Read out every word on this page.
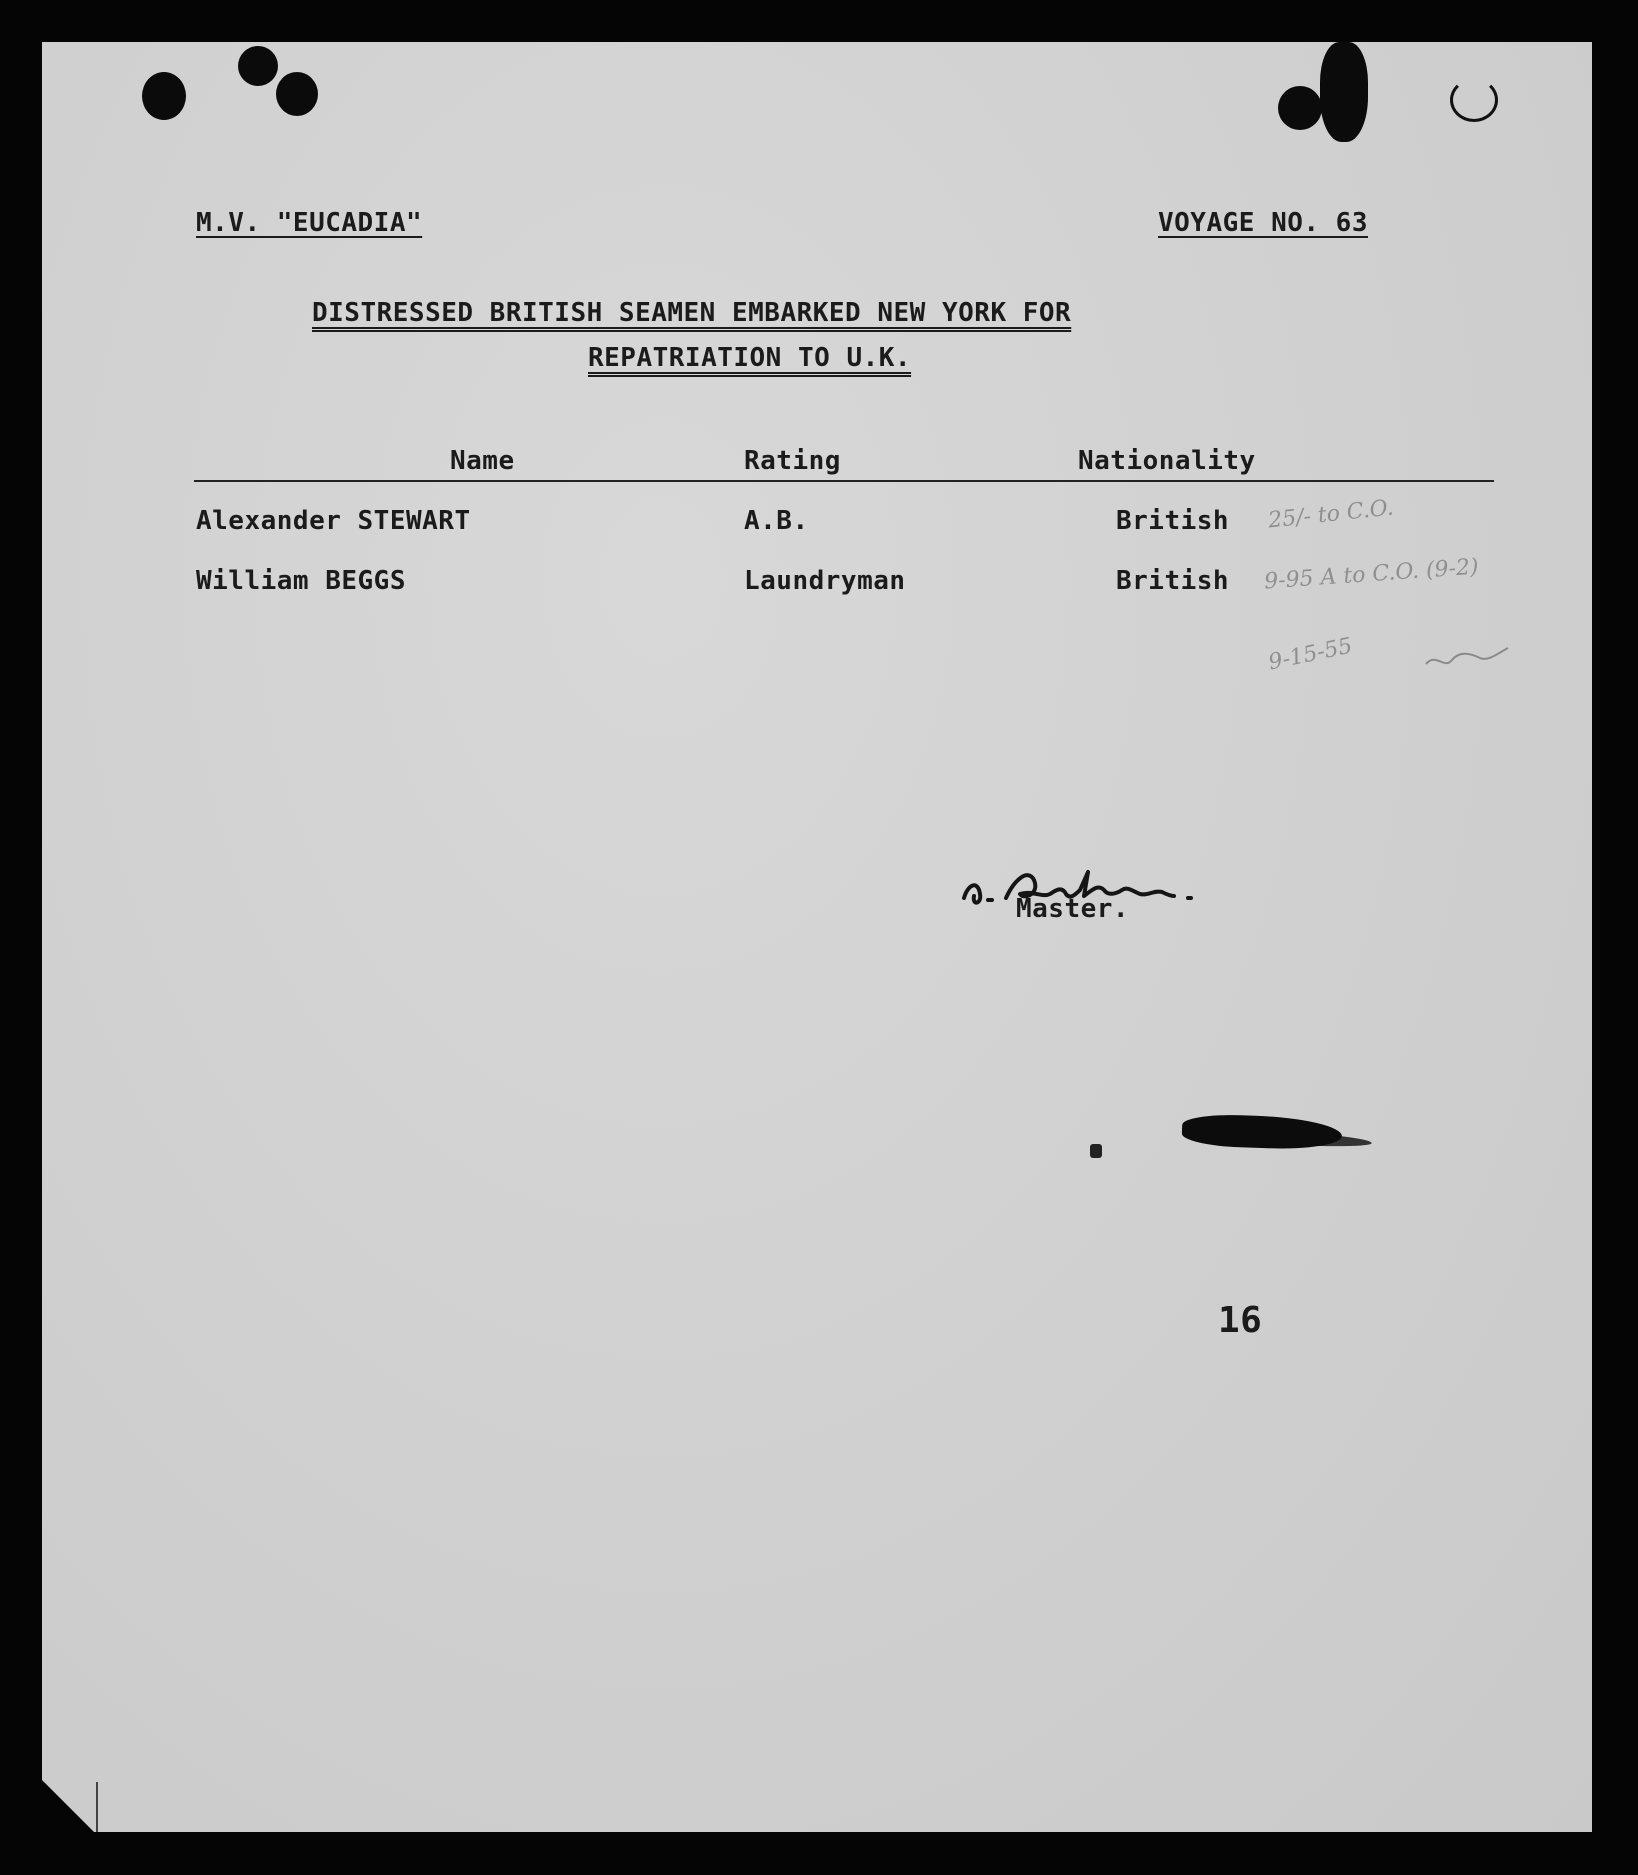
M.V. "EUCADIA"	VOYAGE NO. 63
DISTRESSED BRITISH SEAMEN EMBARKED NEW YORK FOR
REPATRIATION TO U.K.
Name	Rating	Nationality
Alexander STEWART	A.B.	British
William BEGGS	Laundryman	British
25/- to C.O.
9-95 A to C.O. (9-2)
9-15-55
Master.
16
